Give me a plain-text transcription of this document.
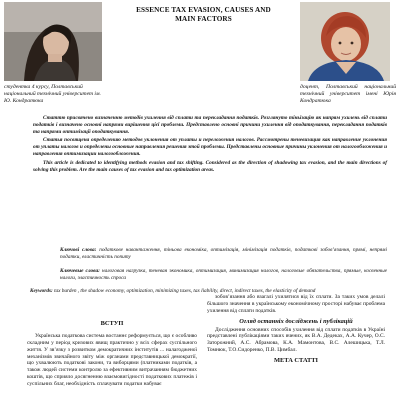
ESSENCE TAX EVASION, CAUSES AND
MAIN FACTORS
студентка 4 курсу, Полтавський національний технічний університет ім. Ю. Кондратюка
доцент, Полтавський національний технічний університет імені Юрія Кондратюка

Статтю присвячено визначенню методів ухилення від сплати та перекладання податків. Розглянуто тіньізацію як напрям ухилень від сплати податків і визначено основні напрями вирішення цієї проблеми. Представлено основні причини ухилення від оподаткування, перекладання податків та напрями оптимізації оподаткування.

Статья посвящена определению методов уклонения от уплаты и переложения налогов. Рассмотрены теневизация как направление уклонения от уплаты налогов и определены основные направления решения этой проблемы. Представлены основные причины уклонения от налогообложения и направления оптимизации налогообложения.

This article is dedicated to identifying methods evasion and tax shifting. Considered as the direction of shadowing tax evasion, and the main directions of solving this problem. Are the main causes of tax evasion and tax optimization areas.

Ключові слова: податкове навантаження, тіньова економіка, оптимізація, мінімізація податків, податкові зобов’язання, прямі, непрямі податки, еластичність попиту
Ключевые слова: налоговая нагрузка, теневая экономика, оптимизация, минимизация налогов, налоговые обязательства, прямые, косвенные налоги, эластичность спроса
Keywords: tax burden , the shadow economy, optimization, minimizing taxes, tax liability, direct, indirect taxes, the elasticity of demand
ВСТУП

Українська податкова система востаннє реформується, що є особливо складним у період кризових явищ практично у всіх сферах суспільного життя. У зв’язку з розвитком демократичних інститутів ... налагодженої механізмів звичайного звіту між органами представницької демократії, що ухвалюють податкові закони, та виборцями (платниками податків, а також людей системи контролю за ефективним витрачанням бюджетних коштів, що сприяло досягненню взаємовигідності податкових платежів і суспільних благ, необхідність сплачувати податки набуває

зобов’язання або взагалі ухилятися від їх сплати. За таких умов делалі більшого значення в українському економічному просторі набуває проблема ухилення від сплати податків.

Огляд останніх досліджень і публікацій

Дослідження основних способів ухилення від сплати податків в Україні представлені публікаціями таких вчених, як В.А. Дедеках, А.А. Кучер, О.С. Заторожний, А.С. Абрамова, К.А. Мамонтова, В.С. Алешицька, Т.Л. Томнюк, Т.О.Сидоренко, П.В. Цимбал.

МЕТА СТАТТІ
